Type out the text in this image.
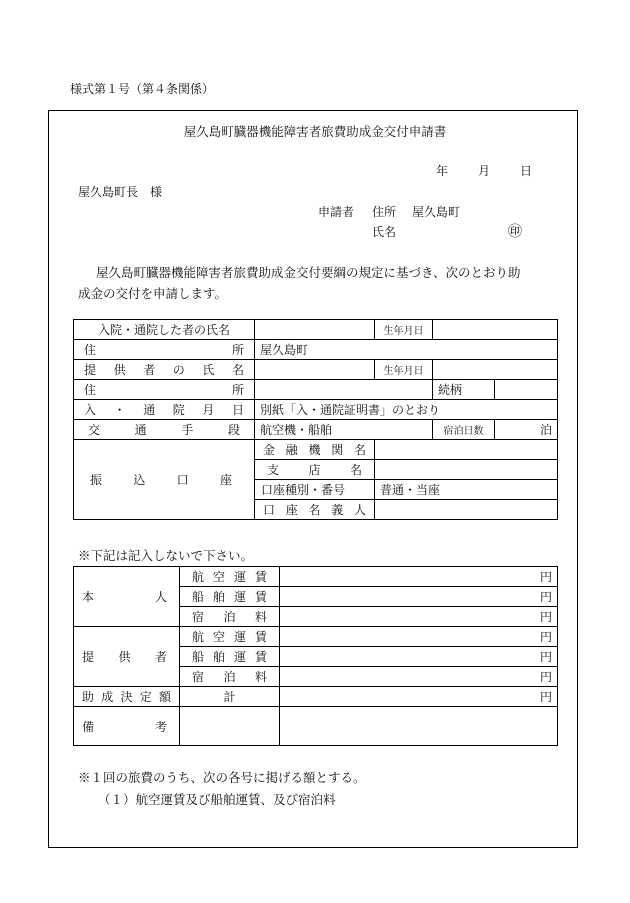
様式第１号（第４条関係）
屋久島町臓器機能障害者旅費助成金交付申請書
年 月 日
屋久島町長　様
申請者 住所 屋久島町
氏名	㊞
屋久島町臓器機能障害者旅費助成金交付要綱の規定に基づき、次のとおり助
成金の交付を申請します。
入院・通院した者の氏名		生年月日		
住所	屋久島町			
提供者の氏名		生年月日		
住所			続柄	
入・通院月日	別紙「入・通院証明書」のとおり			
交通手段	航空機・船舶		宿泊日数	泊
振込口座	金融機関名			
	支店名			
	口座種別・番号	普通・当座		
	口座名義人			
※下記は記入しないで下さい。
本人	航空運賃	円
	船舶運賃	円
	宿泊料	円
提供者	航空運賃	円
	船舶運賃	円
	宿泊料	円
助成決定額	計	円
備考		
※１回の旅費のうち、次の各号に掲げる額とする。
（１）航空運賃及び船舶運賃、及び宿泊料
